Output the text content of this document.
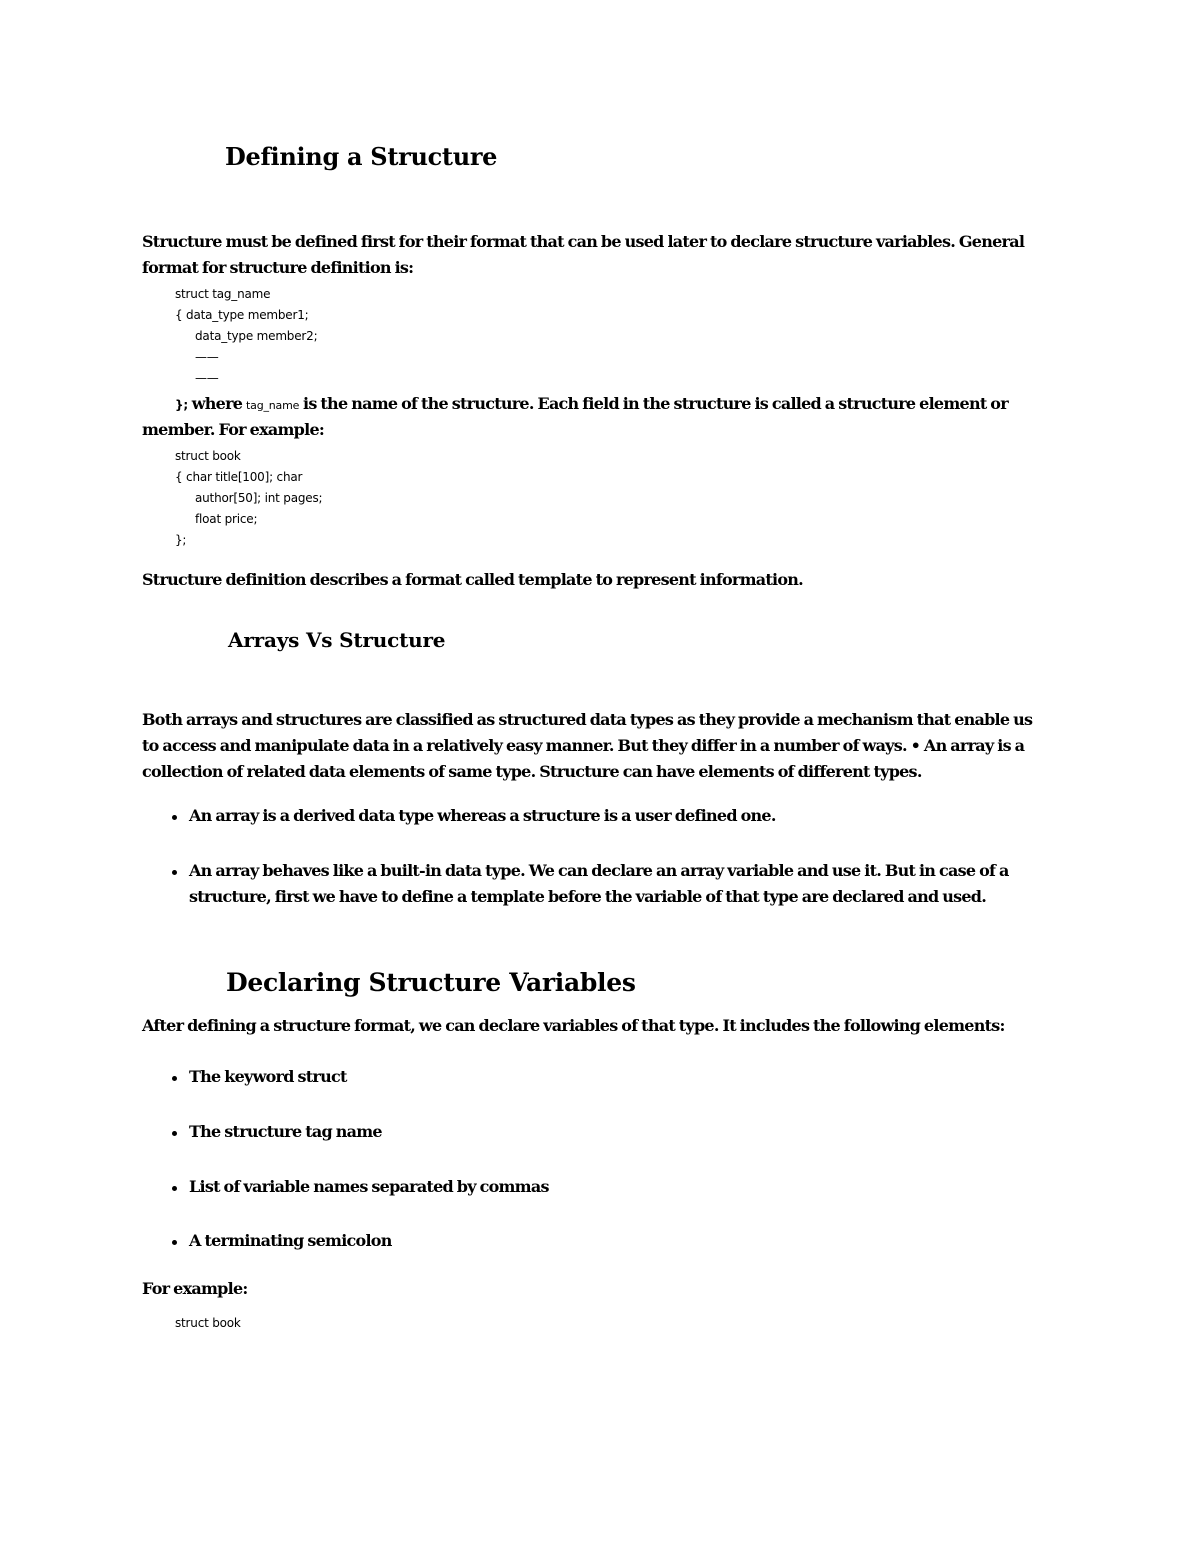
Defining a Structure

Structure must be defined first for their format that can be used later to declare structure variables. General

format for structure definition is:

struct tag_name
{ data_type member1;
data_type member2;
——
——

}; where tag_name is the name of the structure. Each field in the structure is called a structure element or

member. For example:

struct book
{ char title[100]; char
author[50]; int pages;
float price;
};

Structure definition describes a format called template to represent information.

Arrays Vs Structure

Both arrays and structures are classified as structured data types as they provide a mechanism that enable us

to access and manipulate data in a relatively easy manner. But they differ in a number of ways. • An array is a

collection of related data elements of same type. Structure can have elements of different types.

An array is a derived data type whereas a structure is a user defined one.

An array behaves like a built-in data type. We can declare an array variable and use it. But in case of a

structure, first we have to define a template before the variable of that type are declared and used.

Declaring Structure Variables

After defining a structure format, we can declare variables of that type. It includes the following elements:

The keyword struct

The structure tag name

List of variable names separated by commas

A terminating semicolon

For example:

struct book
